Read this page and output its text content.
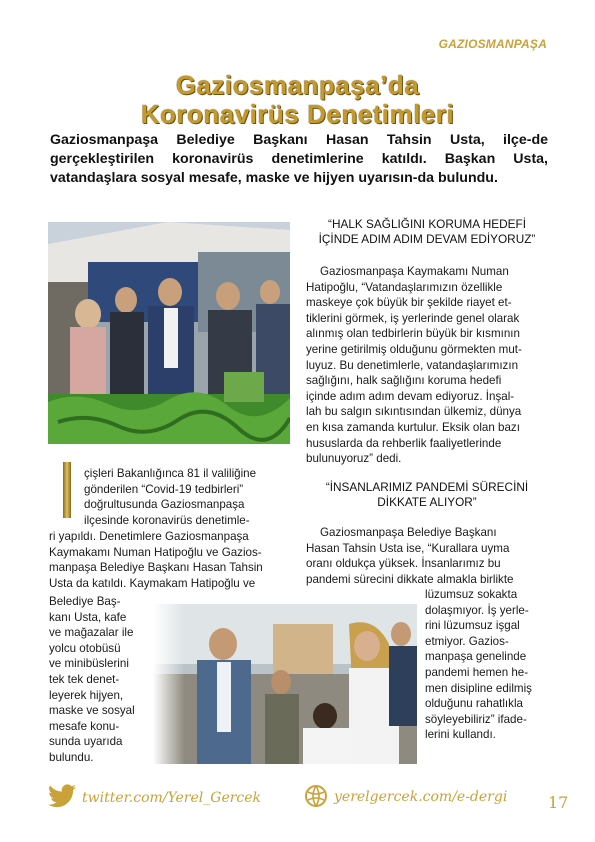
GAZIOSMANPAŞA
Gaziosmanpaşa’da
Koronavirüs Denetimleri
Gaziosmanpaşa Belediye Başkanı Hasan Tahsin Usta, ilçe-de gerçekleştirilen koronavirüs denetimlerine katıldı. Başkan Usta, vatandaşlara sosyal mesafe, maske ve hijyen uyarısın-da bulundu.
çişleri Bakanlığınca 81 il valiliğine
gönderilen “Covid-19 tedbirleri”
doğrultusunda Gaziosmanpaşa
ilçesinde koronavirüs denetimle-
ri yapıldı. Denetimlere Gaziosmanpaşa
Kaymakamı Numan Hatipoğlu ve Gazios-
manpaşa Belediye Başkanı Hasan Tahsin
Usta da katıldı. Kaymakam Hatipoğlu ve
Belediye Baş-
kanı Usta, kafe
ve mağazalar ile
yolcu otobüsü
ve minibüslerini
tek tek denet-
leyerek hijyen,
maske ve sosyal
mesafe konu-
sunda uyarıda
bulundu.
“HALK SAĞLIĞINI KORUMA HEDEFİ
İÇİNDE ADIM ADIM DEVAM EDİYORUZ”
Gaziosmanpaşa Kaymakamı Numan
Hatipoğlu, “Vatandaşlarımızın özellikle
maskeye çok büyük bir şekilde riayet et-
tiklerini görmek, iş yerlerinde genel olarak
alınmış olan tedbirlerin büyük bir kısmının
yerine getirilmiş olduğunu görmekten mut-
luyuz. Bu denetimlerle, vatandaşlarımızın
sağlığını, halk sağlığını koruma hedefi
içinde adım adım devam ediyoruz. İnşal-
lah bu salgın sıkıntısından ülkemiz, dünya
en kısa zamanda kurtulur. Eksik olan bazı
hususlarda da rehberlik faaliyetlerinde
bulunuyoruz” dedi.
“İNSANLARIMIZ PANDEMİ SÜRECİNİ
DİKKATE ALIYOR”
Gaziosmanpaşa Belediye Başkanı
Hasan Tahsin Usta ise, “Kurallara uyma
oranı oldukça yüksek. İnsanlarımız bu
pandemi sürecini dikkate almakla birlikte
lüzumsuz sokakta
dolaşmıyor. İş yerle-
rini lüzumsuz işgal
etmiyor. Gazios-
manpaşa genelinde
pandemi hemen he-
men disipline edilmiş
olduğunu rahatlıkla
söyleyebiliriz” ifade-
lerini kullandı.
twitter.com/Yerel_Gercek	yerelgercek.com/e-dergi	17
